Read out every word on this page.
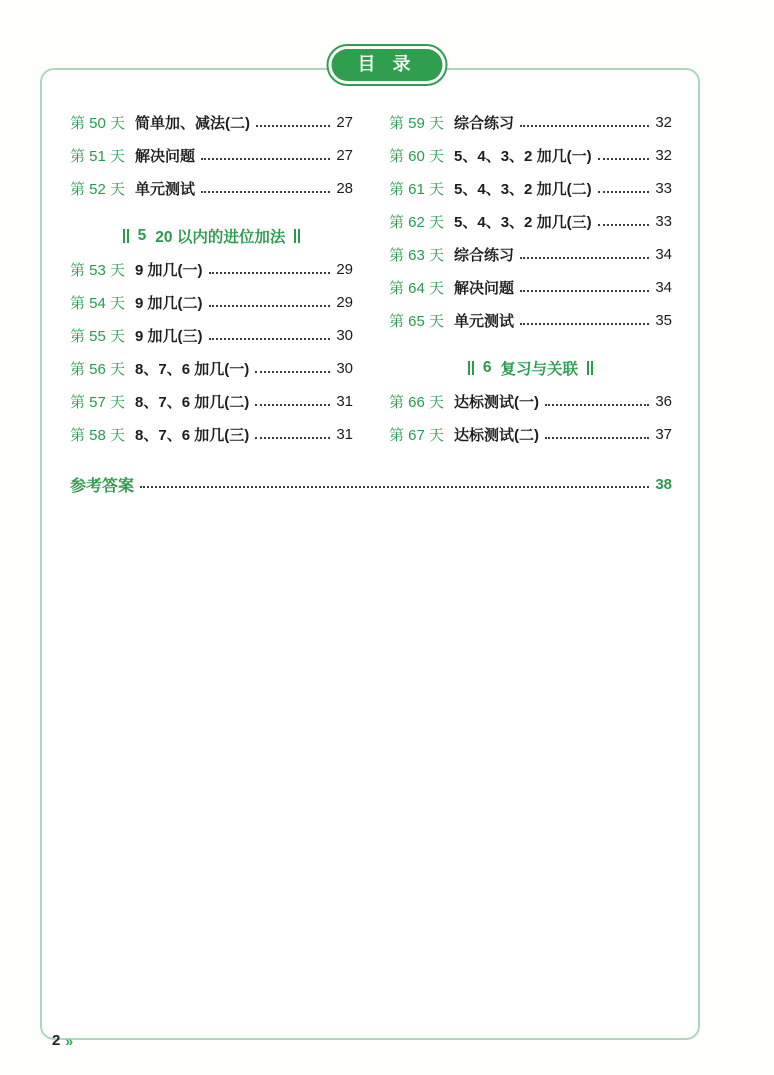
目 录
第 50 天 简单加、减法(二)	27
第 51 天 解决问题	27
第 52 天 单元测试	28
5 20 以内的进位加法
第 53 天 9 加几(一)	29
第 54 天 9 加几(二)	29
第 55 天 9 加几(三)	30
第 56 天 8、7、6 加几(一)	30
第 57 天 8、7、6 加几(二)	31
第 58 天 8、7、6 加几(三)	31
第 59 天 综合练习	32
第 60 天 5、4、3、2 加几(一)	32
第 61 天 5、4、3、2 加几(二)	33
第 62 天 5、4、3、2 加几(三)	33
第 63 天 综合练习	34
第 64 天 解决问题	34
第 65 天 单元测试	35
6 复习与关联
第 66 天 达标测试(一)	36
第 67 天 达标测试(二)	37
参考答案	38
2 »
